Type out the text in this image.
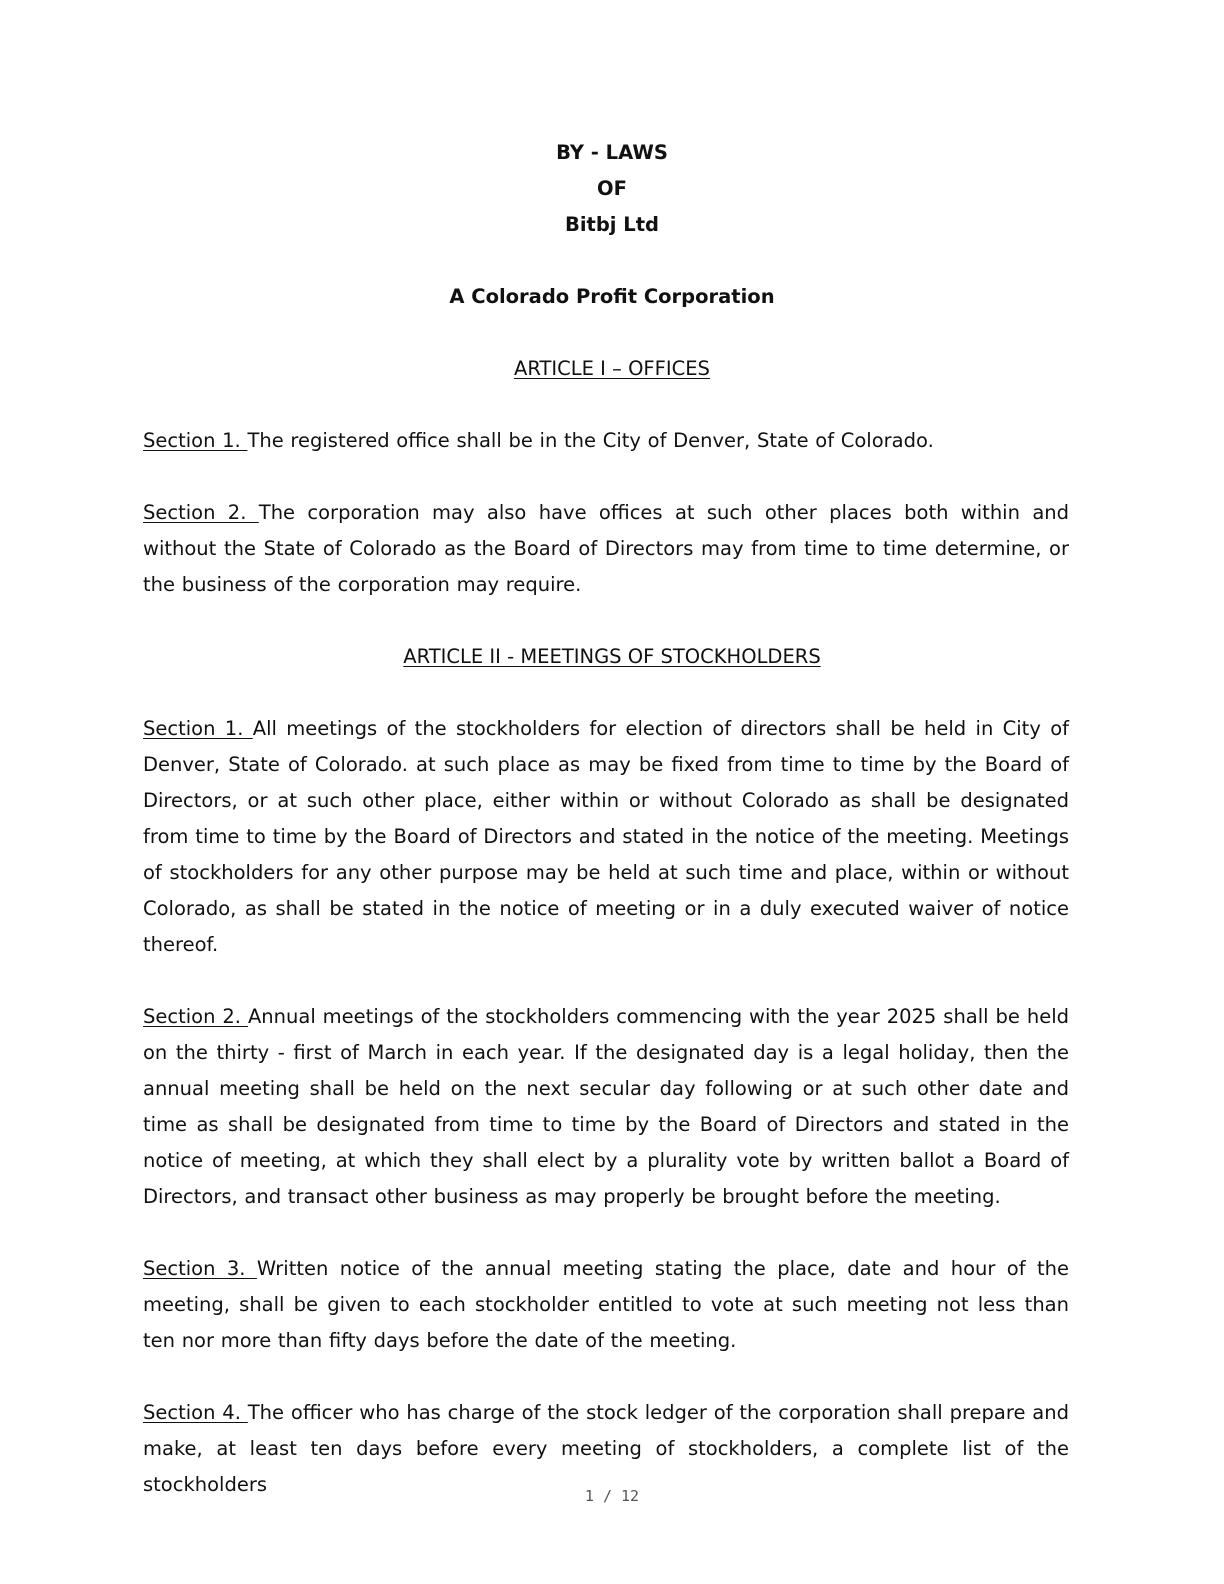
BY - LAWS

OF

Bitbj Ltd

A Colorado Profit Corporation

ARTICLE I – OFFICES

Section 1. The registered office shall be in the City of Denver, State of Colorado.

Section 2. The corporation may also have offices at such other places both within and without the State of Colorado as the Board of Directors may from time to time determine, or the business of the corporation may require.

ARTICLE II - MEETINGS OF STOCKHOLDERS

Section 1. All meetings of the stockholders for election of directors shall be held in City of Denver, State of Colorado. at such place as may be fixed from time to time by the Board of Directors, or at such other place, either within or without Colorado as shall be designated from time to time by the Board of Directors and stated in the notice of the meeting. Meetings of stockholders for any other purpose may be held at such time and place, within or without Colorado, as shall be stated in the notice of meeting or in a duly executed waiver of notice thereof.

Section 2. Annual meetings of the stockholders commencing with the year 2025 shall be held on the thirty - first of March in each year. If the designated day is a legal holiday, then the annual meeting shall be held on the next secular day following or at such other date and time as shall be designated from time to time by the Board of Directors and stated in the notice of meeting, at which they shall elect by a plurality vote by written ballot a Board of Directors, and transact other business as may properly be brought before the meeting.

Section 3. Written notice of the annual meeting stating the place, date and hour of the meeting, shall be given to each stockholder entitled to vote at such meeting not less than ten nor more than fifty days before the date of the meeting.

Section 4. The officer who has charge of the stock ledger of the corporation shall prepare and make, at least ten days before every meeting of stockholders, a complete list of the stockholders	1 / 12
